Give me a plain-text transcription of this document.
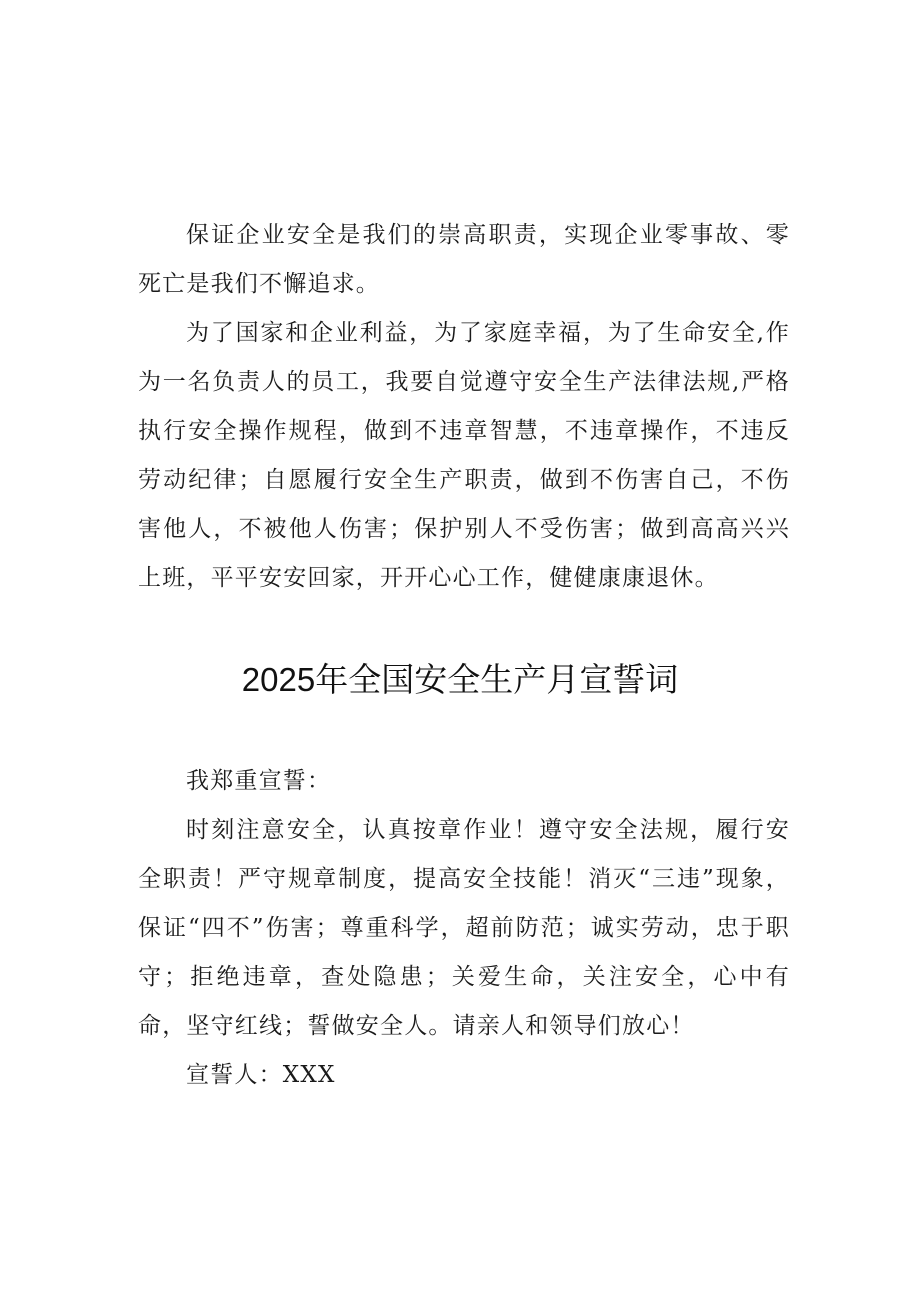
保证企业安全是我们的崇高职责，实现企业零事故、零死亡是我们不懈追求。

为了国家和企业利益，为了家庭幸福，为了生命安全,作为一名负责人的员工，我要自觉遵守安全生产法律法规,严格执行安全操作规程，做到不违章智慧，不违章操作，不违反劳动纪律；自愿履行安全生产职责，做到不伤害自己，不伤害他人，不被他人伤害；保护别人不受伤害；做到高高兴兴上班，平平安安回家，开开心心工作，健健康康退休。

2025年全国安全生产月宣誓词

我郑重宣誓：

时刻注意安全，认真按章作业！遵守安全法规，履行安全职责！严守规章制度，提高安全技能！消灭“三违”现象，保证“四不”伤害；尊重科学，超前防范；诚实劳动，忠于职守；拒绝违章，查处隐患；关爱生命，关注安全，心中有命，坚守红线；誓做安全人。请亲人和领导们放心！

宣誓人：XXX
